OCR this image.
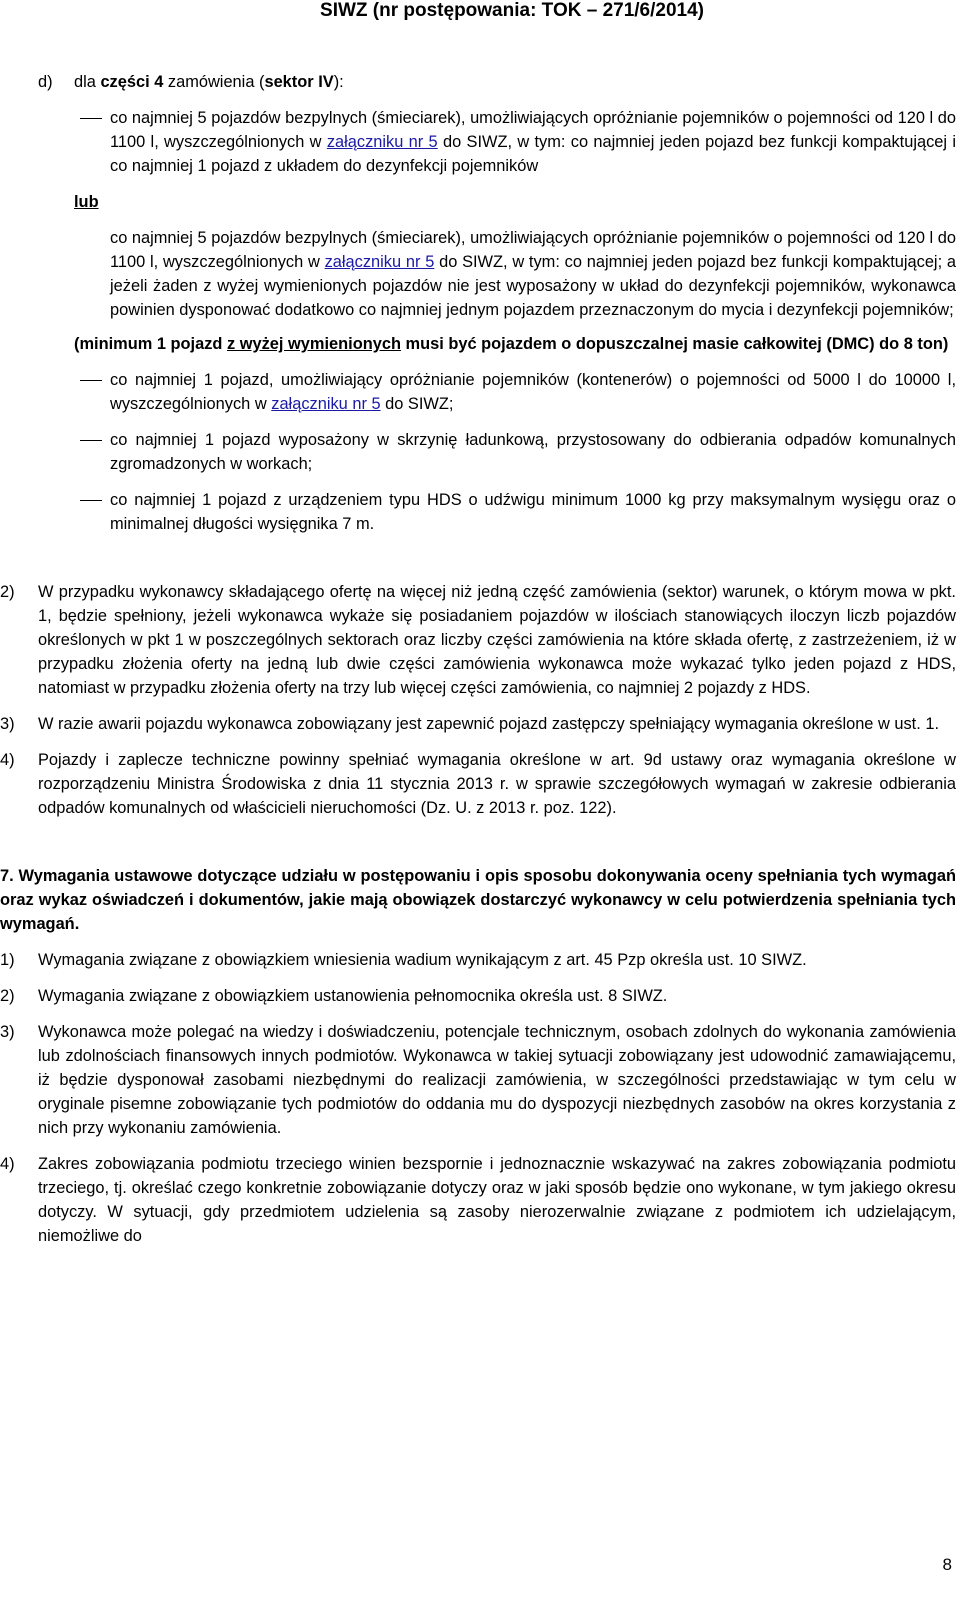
SIWZ (nr postępowania: TOK – 271/6/2014)
d)	dla części 4 zamówienia (sektor IV):
co najmniej 5 pojazdów bezpylnych (śmieciarek), umożliwiających opróżnianie pojemników o pojemności od 120 l do 1100 l, wyszczególnionych w załączniku nr 5 do SIWZ, w tym: co najmniej jeden pojazd bez funkcji kompaktującej i co najmniej 1 pojazd z układem do dezynfekcji pojemników
lub
co najmniej 5 pojazdów bezpylnych (śmieciarek), umożliwiających opróżnianie pojemników o pojemności od 120 l do 1100 l, wyszczególnionych w załączniku nr 5 do SIWZ, w tym: co najmniej jeden pojazd bez funkcji kompaktującej; a jeżeli żaden z wyżej wymienionych pojazdów nie jest wyposażony w układ do dezynfekcji pojemników, wykonawca powinien dysponować dodatkowo co najmniej jednym pojazdem przeznaczonym do mycia i dezynfekcji pojemników;
(minimum 1 pojazd z wyżej wymienionych musi być pojazdem o dopuszczalnej masie całkowitej (DMC) do 8 ton)
co najmniej 1 pojazd, umożliwiający opróżnianie pojemników (kontenerów) o pojemności od 5000 l do 10000 l, wyszczególnionych w załączniku nr 5 do SIWZ;
co najmniej 1 pojazd wyposażony w skrzynię ładunkową, przystosowany do odbierania odpadów komunalnych zgromadzonych w workach;
co najmniej 1 pojazd z urządzeniem typu HDS o udźwigu minimum 1000 kg przy maksymalnym wysięgu oraz o minimalnej długości wysięgnika 7 m.
2)	W przypadku wykonawcy składającego ofertę na więcej niż jedną część zamówienia (sektor) warunek, o którym mowa w pkt. 1, będzie spełniony, jeżeli wykonawca wykaże się posiadaniem pojazdów w ilościach stanowiących iloczyn liczb pojazdów określonych w pkt 1 w poszczególnych sektorach oraz liczby części zamówienia na które składa ofertę, z zastrzeżeniem, iż w przypadku złożenia oferty na jedną lub dwie części zamówienia wykonawca może wykazać tylko jeden pojazd z HDS, natomiast w przypadku złożenia oferty na trzy lub więcej części zamówienia, co najmniej 2 pojazdy z HDS.
3)	W razie awarii pojazdu wykonawca zobowiązany jest zapewnić pojazd zastępczy spełniający wymagania określone w ust. 1.
4)	Pojazdy i zaplecze techniczne powinny spełniać wymagania określone w art. 9d ustawy oraz wymagania określone w rozporządzeniu Ministra Środowiska z dnia 11 stycznia 2013 r. w sprawie szczegółowych wymagań w zakresie odbierania odpadów komunalnych od właścicieli nieruchomości (Dz. U. z 2013 r. poz. 122).
7. Wymagania ustawowe dotyczące udziału w postępowaniu i opis sposobu dokonywania oceny spełniania tych wymagań oraz wykaz oświadczeń i dokumentów, jakie mają obowiązek dostarczyć wykonawcy w celu potwierdzenia spełniania tych wymagań.
1)	Wymagania związane z obowiązkiem wniesienia wadium wynikającym z art. 45 Pzp określa ust. 10 SIWZ.
2)	Wymagania związane z obowiązkiem ustanowienia pełnomocnika określa ust. 8 SIWZ.
3)	Wykonawca może polegać na wiedzy i doświadczeniu, potencjale technicznym, osobach zdolnych do wykonania zamówienia lub zdolnościach finansowych innych podmiotów. Wykonawca w takiej sytuacji zobowiązany jest udowodnić zamawiającemu, iż będzie dysponował zasobami niezbędnymi do realizacji zamówienia, w szczególności przedstawiając w tym celu w oryginale pisemne zobowiązanie tych podmiotów do oddania mu do dyspozycji niezbędnych zasobów na okres korzystania z nich przy wykonaniu zamówienia.
4)	Zakres zobowiązania podmiotu trzeciego winien bezspornie i jednoznacznie wskazywać na zakres zobowiązania podmiotu trzeciego, tj. określać czego konkretnie zobowiązanie dotyczy oraz w jaki sposób będzie ono wykonane, w tym jakiego okresu dotyczy. W sytuacji, gdy przedmiotem udzielenia są zasoby nierozerwalnie związane z podmiotem ich udzielającym, niemożliwe do
8
